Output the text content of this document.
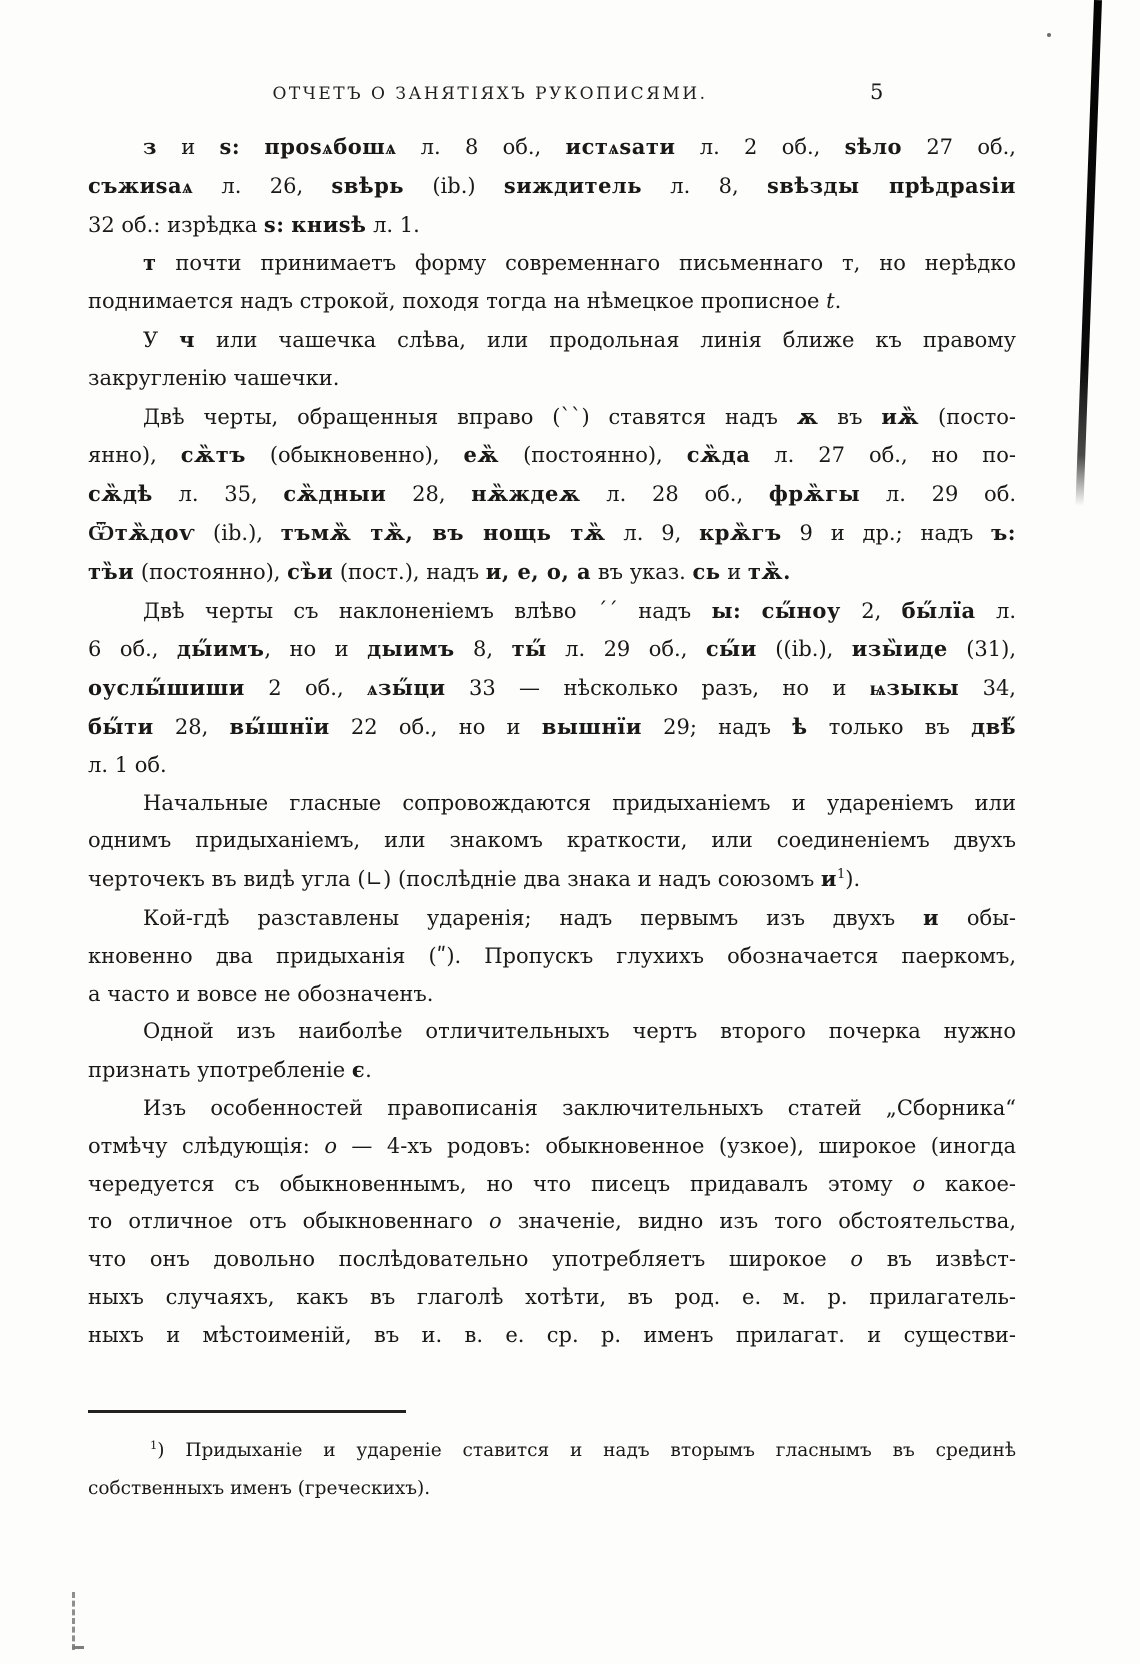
ОТЧЕТЪ О ЗАНЯТІЯХЪ РУКОПИСЯМИ.	5
з и ѕ: проѕѧбошѧ л. 8 об., истѧѕати л. 2 об., ѕѣло 27 об.,
съжиѕаѧ л. 26, ѕвѣрь (ib.) ѕиждитель л. 8, ѕвѣзды прѣдраѕіи
32 об.: изрѣдка ѕ: книѕѣ л. 1.
т почти принимаетъ форму современнаго письменнаго т, но нерѣдко
поднимается надъ строкой, походя тогда на нѣмецкое прописное t.
У ч или чашечка слѣва, или продольная линія ближе къ правому
закругленію чашечки.
Двѣ черты, обращенныя вправо (``) ставятся надъ ѫ въ иѫ̏ (посто-
янно), сѫ̏тъ (обыкновенно), еѫ̏ (постоянно), сѫ̏да л. 27 об., но по-
сѫ̏дѣ л. 35, сѫ̏дныи 28, нѫ̏ждеѫ л. 28 об., фрѫ̏гы л. 29 об.
Ѿтѫ̏доѵ (ib.), тъмѫ̏ тѫ̏, въ нощь тѫ̏ л. 9, крѫ̏гъ 9 и др.; надъ ъ:
тъ̏и (постоянно), съ̏и (пост.), надъ и, е, о, а въ указ. сь и тѫ̏.
Двѣ черты съ наклоненіемъ влѣво ´´ надъ ы: сы̋ноу 2, бы̋лїа л.
6 об., ды̋имъ, но и дыимъ 8, ты̋ л. 29 об., сы̋и ((ib.), изы̏иде (31),
оуслы̋шиши 2 об., ѧзы̋ци 33 — нѣсколько разъ, но и ѩзыкы 34,
бы̋ти 28, вы̋шнїи 22 об., но и вышнїи 29; надъ ѣ только въ двѣ̋
л. 1 об.
Начальные гласные сопровождаются придыханіемъ и удареніемъ или
однимъ придыханіемъ, или знакомъ краткости, или соединеніемъ двухъ
черточекъ въ видѣ угла (∟) (послѣдніе два знака и надъ союзомъ $и^1$).
Кой-гдѣ разставлены ударенія; надъ первымъ изъ двухъ и обы-
кновенно два придыханія (ʺ). Пропускъ глухихъ обозначается паеркомъ,
а часто и вовсе не обозначенъ.
Одной изъ наиболѣе отличительныхъ чертъ второго почерка нужно
признать употребленіе є.
Изъ особенностей правописанія заключительныхъ статей „Сборника“
отмѣчу слѣдующія: о — 4-хъ родовъ: обыкновенное (узкое), широкое (иногда
чередуется съ обыкновеннымъ, но что писецъ придавалъ этому о какое-
то отличное отъ обыкновеннаго о значеніе, видно изъ того обстоятельства,
что онъ довольно послѣдовательно употребляетъ широкое о въ извѣст-
ныхъ случаяхъ, какъ въ глаголѣ хотѣти, въ род. е. м. р. прилагатель-
ныхъ и мѣстоименій, въ и. в. е. ср. р. именъ прилагат. и существи-
$^1$) Придыханіе и удареніе ставится и надъ вторымъ гласнымъ въ срединѣ
собственныхъ именъ (греческихъ).
